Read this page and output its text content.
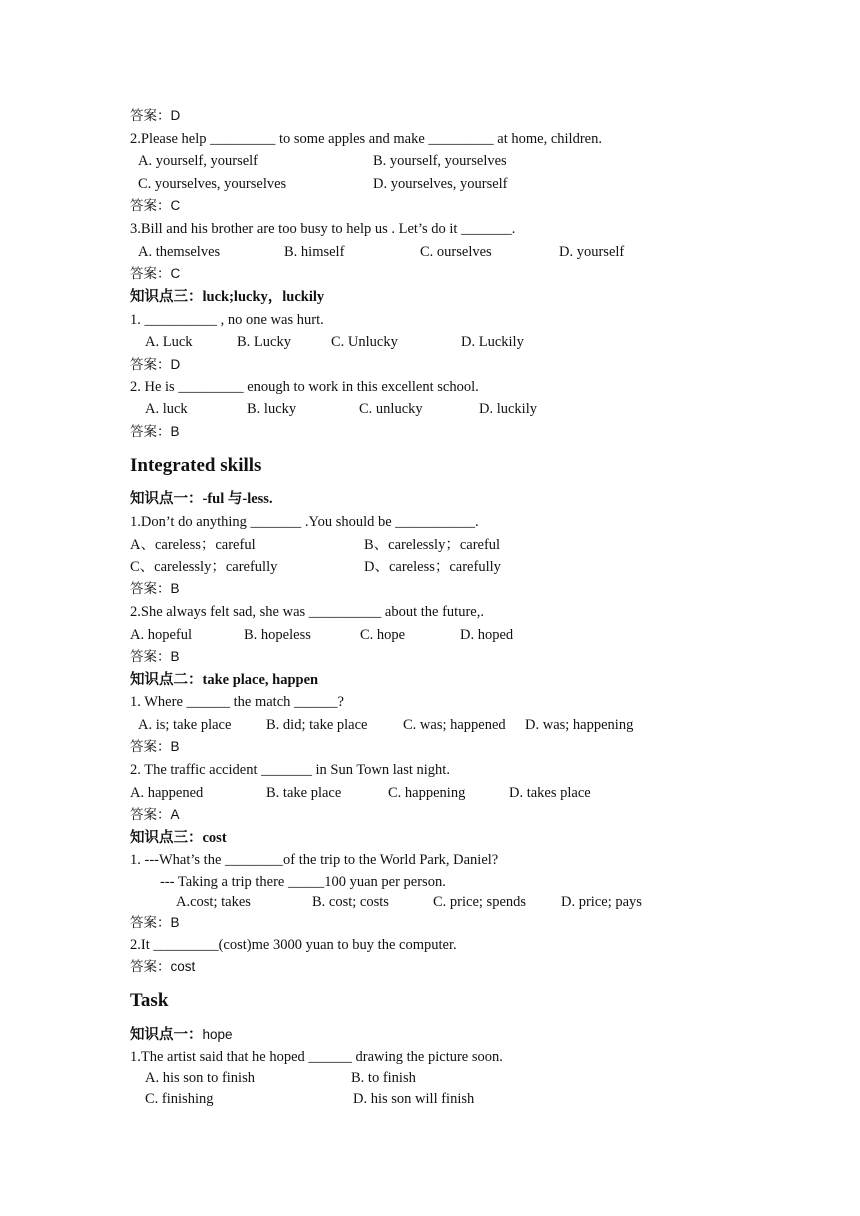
答案：D
2.Please help _________ to some apples and make _________ at home, children.
A. yourself, yourself	B. yourself, yourselves
C. yourselves, yourselves	D. yourselves, yourself
答案：C
3.Bill and his brother are too busy to help us . Let’s do it _______.
A. themselves	B. himself	C. ourselves	D. yourself
答案：C
知识点三：luck;lucky，luckily
1. __________ , no one was hurt.
A. Luck	B. Lucky	C. Unlucky	D. Luckily
答案：D
2. He is _________ enough to work in this excellent school.
A. luck	B. lucky	C. unlucky	D. luckily
答案：B
Integrated skills
知识点一：-ful 与-less.
1.Don’t do anything _______ .You should be ___________.
A、careless；careful	B、carelessly；careful
C、carelessly；carefully	D、careless；carefully
答案：B
2.She always felt sad, she was __________ about the future,.
A. hopeful	B. hopeless	C. hope	D. hoped
答案：B
知识点二：take place, happen
1. Where ______ the match ______?
A. is; take place B. did; take place C. was; happened D. was; happening
答案：B
2. The traffic accident _______ in Sun Town last night.
A. happened	B. take place	C. happening	D. takes place
答案：A
知识点三：cost
1. ---What’s the ________of the trip to the World Park, Daniel?
--- Taking a trip there _____100 yuan per person.
A.cost; takes	B. cost; costs	C. price; spends D. price; pays
答案：B
2.It _________(cost)me 3000 yuan to buy the computer.
答案：cost
Task
知识点一：hope
1.The artist said that he hoped ______ drawing the picture soon.
A. his son to finish	B. to finish
C. finishing	D. his son will finish
